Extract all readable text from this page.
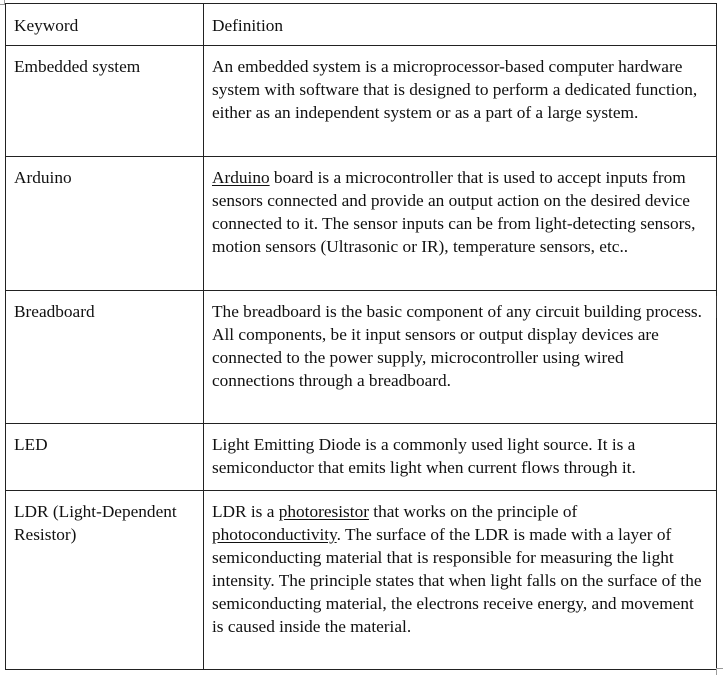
Keyword	Definition
Embedded system	An embedded system is a microprocessor-based computer hardware system with software that is designed to perform a dedicated function, either as an independent system or as a part of a large system.
Arduino	Arduino board is a microcontroller that is used to accept inputs from sensors connected and provide an output action on the desired device connected to it. The sensor inputs can be from light-detecting sensors, motion sensors (Ultrasonic or IR), temperature sensors, etc..
Breadboard	The breadboard is the basic component of any circuit building process. All components, be it input sensors or output display devices are connected to the power supply, microcontroller using wired connections through a breadboard.
LED	Light Emitting Diode is a commonly used light source. It is a semiconductor that emits light when current flows through it.
LDR (Light-Dependent Resistor)	LDR is a photoresistor that works on the principle of photoconductivity. The surface of the LDR is made with a layer of semiconducting material that is responsible for measuring the light intensity. The principle states that when light falls on the surface of the semiconducting material, the electrons receive energy, and movement is caused inside the material.
